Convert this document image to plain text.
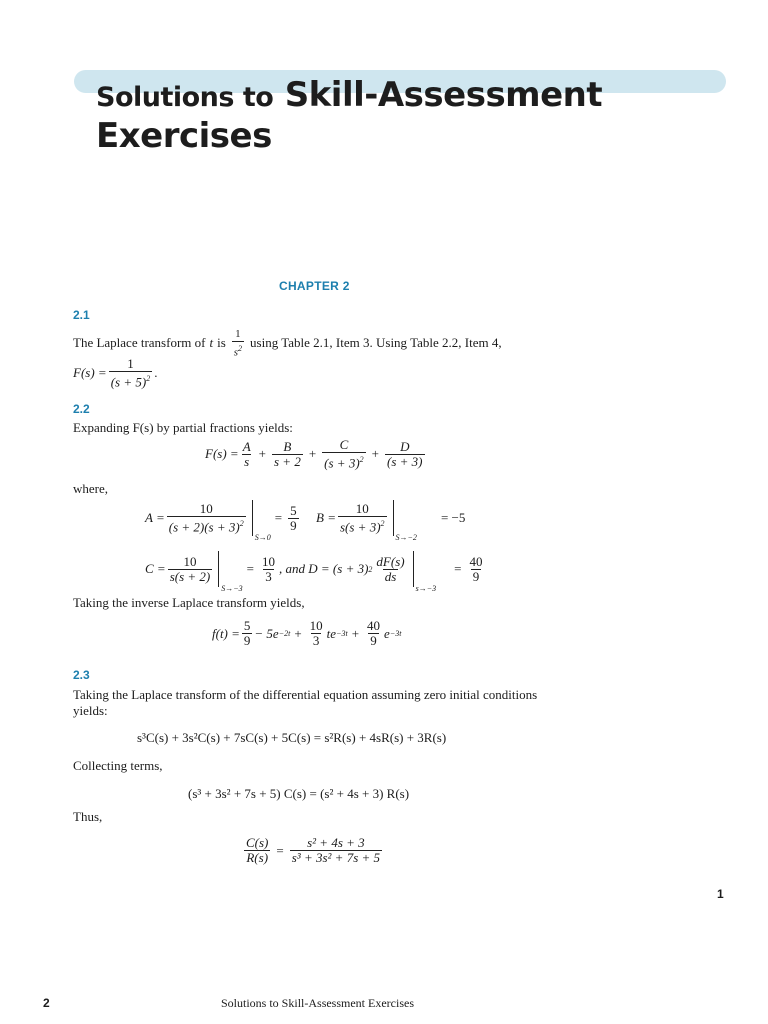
Solutions to Skill-Assessment
Exercises
CHAPTER 2
2.1
The Laplace transform of t is $\frac{1}{s^2}$ using Table 2.1, Item 3. Using Table 2.2, Item 4,
$F(s) = \frac{1}{(s + 5)^2}$ .
2.2
Expanding F(s) by partial fractions yields:
$F(s) = \frac{A}{s} + \frac{B}{s + 2} + \frac{C}{(s + 3)^2} + \frac{D}{(s + 3)}$
where,
$A = \frac{10}{(s + 2)(s + 3)^2}$
S→0
= $\frac{5}{9}$ $B = \frac{10}{s(s + 3)^2}$
S→−2
= −5
$C = \frac{10}{s(s + 2)}$
S→−3
= $\frac{10}{3}$ , and D = (s + 3) $2 \frac{dF(s)}{ds}$
s→−3
= $\frac{40}{9}$
Taking the inverse Laplace transform yields,
$f(t) = \frac{5}{9} - 5e -2t + \frac{10}{3}$ te $-3t + \frac{40}{9}$ e −3t
2.3
Taking the Laplace transform of the differential equation assuming zero initial conditions yields:
s³C(s) + 3s²C(s) + 7sC(s) + 5C(s) = s²R(s) + 4sR(s) + 3R(s)
Collecting terms,
(s³ + 3s² + 7s + 5) C(s) = (s² + 4s + 3) R(s)
Thus,
$\frac{C(s)}{R(s)} = \frac{\text{s² + 4s + 3}}{\text{s³ + 3s² + 7s + 5}}$
1
2	Solutions to Skill-Assessment Exercises
